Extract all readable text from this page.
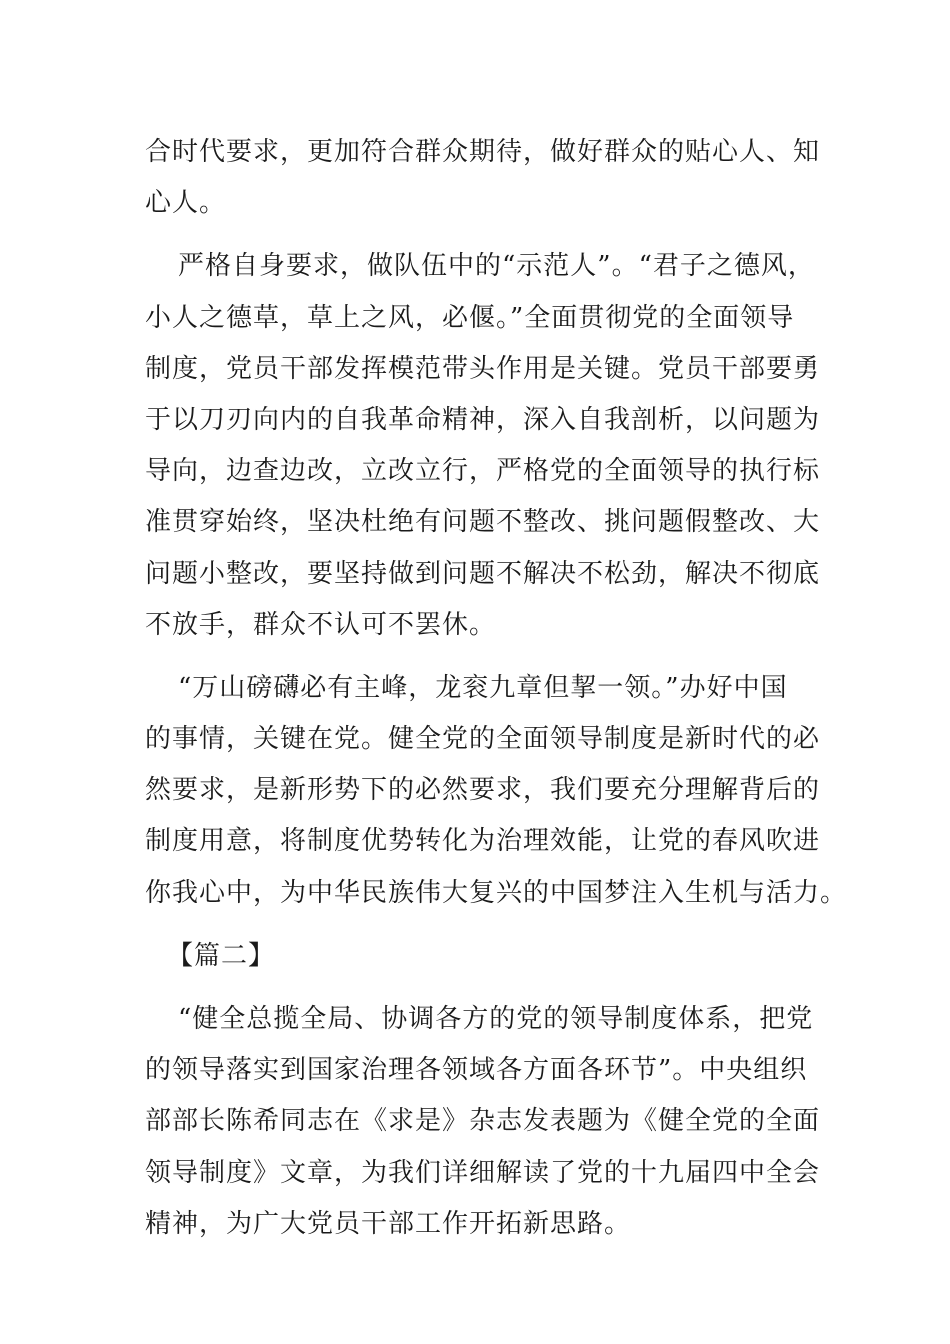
合时代要求，更加符合群众期待，做好群众的贴心人、知
心人。
严格自身要求，做队伍中的“示范人”。“君子之德风，
小人之德草，草上之风，必偃。”全面贯彻党的全面领导
制度，党员干部发挥模范带头作用是关键。党员干部要勇
于以刀刃向内的自我革命精神，深入自我剖析，以问题为
导向，边查边改，立改立行，严格党的全面领导的执行标
准贯穿始终，坚决杜绝有问题不整改、挑问题假整改、大
问题小整改，要坚持做到问题不解决不松劲，解决不彻底
不放手，群众不认可不罢休。
“万山磅礴必有主峰，龙衮九章但挈一领。”办好中国
的事情，关键在党。健全党的全面领导制度是新时代的必
然要求，是新形势下的必然要求，我们要充分理解背后的
制度用意，将制度优势转化为治理效能，让党的春风吹进
你我心中，为中华民族伟大复兴的中国梦注入生机与活力。
【篇二】
“健全总揽全局、协调各方的党的领导制度体系，把党
的领导落实到国家治理各领域各方面各环节”。中央组织
部部长陈希同志在《求是》杂志发表题为《健全党的全面
领导制度》文章，为我们详细解读了党的十九届四中全会
精神，为广大党员干部工作开拓新思路。
